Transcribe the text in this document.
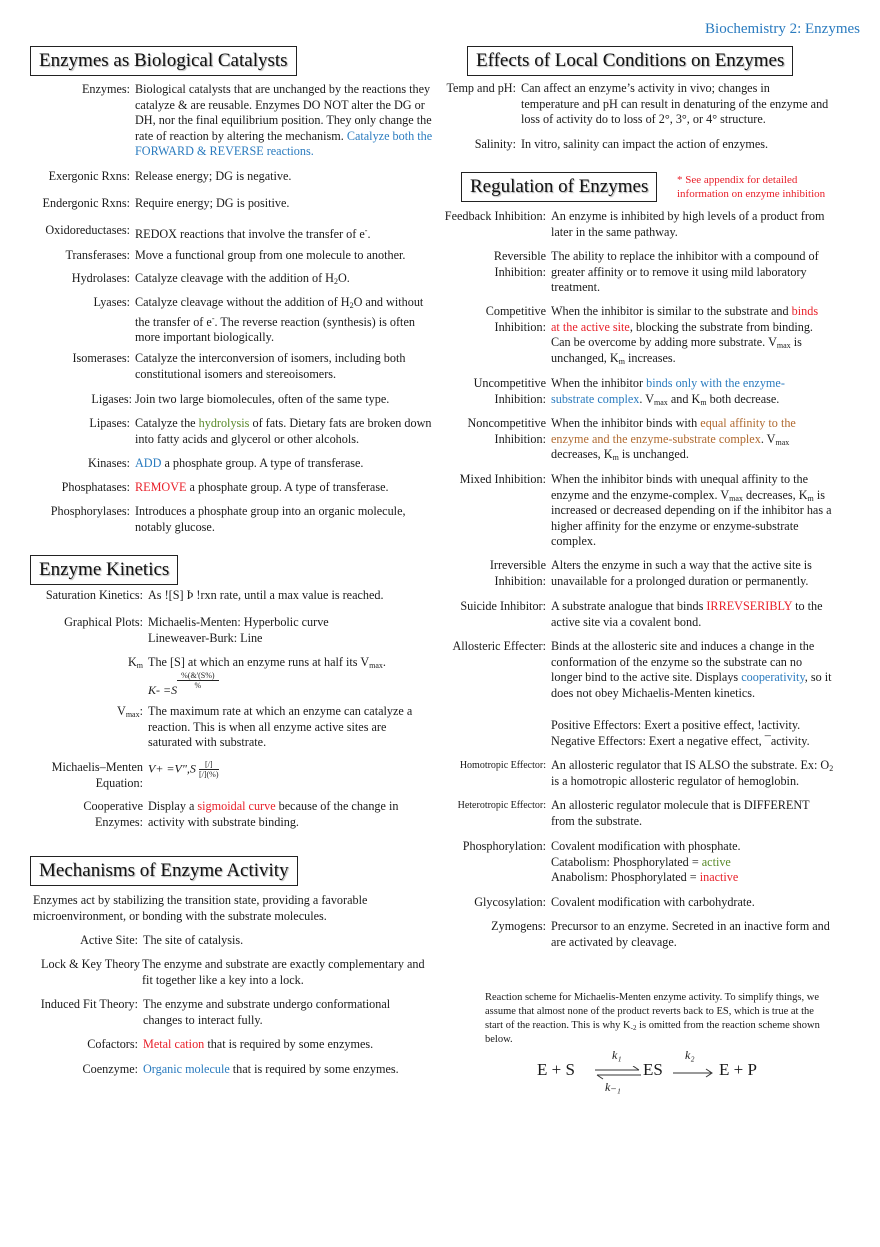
Biochemistry 2: Enzymes
Enzymes as Biological Catalysts
Enzymes: Biological catalysts that are unchanged by the reactions they catalyze & are reusable. Enzymes DO NOT alter the DG or DH, nor the final equilibrium position. They only change the rate of reaction by altering the mechanism. Catalyze both the FORWARD & REVERSE reactions.
Exergonic Rxns: Release energy; DG is negative.
Endergonic Rxns: Require energy; DG is positive.
Oxidoreductases: REDOX reactions that involve the transfer of e-.
Transferases: Move a functional group from one molecule to another.
Hydrolases: Catalyze cleavage with the addition of $H_2O$.
Lyases: Catalyze cleavage without the addition of $H_2O$ and without the transfer of e-. The reverse reaction (synthesis) is often more important biologically.
Isomerases: Catalyze the interconversion of isomers, including both constitutional isomers and stereoisomers.
Ligases: Join two large biomolecules, often of the same type.
Lipases: Catalyze the hydrolysis of fats. Dietary fats are broken down into fatty acids and glycerol or other alcohols.
Kinases: ADD a phosphate group. A type of transferase.
Phosphatases: REMOVE a phosphate group. A type of transferase.
Phosphorylases: Introduces a phosphate group into an organic molecule, notably glucose.
Enzyme Kinetics
Saturation Kinetics: As ![S] Þ !rxn rate, until a max value is reached.
Graphical Plots: Michaelis-Menten: Hyperbolic curve
Lineweaver-Burk: Line
$K_m$ The [S] at which an enzyme runs at half its $V_{max}$.
$K- =S \frac{\%(\&'(S\%)}{\%}$
$V_{max}$: The maximum rate at which an enzyme can catalyze a reaction. This is when all enzyme active sites are saturated with substrate.
Michaelis–Menten
Equation:
V+ =V",S $\frac{[/]}{[/](\%)}$
Cooperative
Enzymes:
Display a sigmoidal curve because of the change in activity with substrate binding.
Mechanisms of Enzyme Activity
Enzymes act by stabilizing the transition state, providing a favorable microenvironment, or bonding with the substrate molecules.
Active Site: The site of catalysis.
Lock & Key Theory The enzyme and substrate are exactly complementary and fit together like a key into a lock.
Induced Fit Theory: The enzyme and substrate undergo conformational changes to interact fully.
Cofactors: Metal cation that is required by some enzymes.
Coenzyme: Organic molecule that is required by some enzymes.
Effects of Local Conditions on Enzymes
Temp and pH: Can affect an enzyme’s activity in vivo; changes in temperature and pH can result in denaturing of the enzyme and loss of activity do to loss of 2°, 3°, or 4° structure.
Salinity: In vitro, salinity can impact the action of enzymes.
Regulation of Enzymes	* See appendix for detailed information on enzyme inhibition
Feedback Inhibition: An enzyme is inhibited by high levels of a product from later in the same pathway.
Reversible
Inhibition:
The ability to replace the inhibitor with a compound of greater affinity or to remove it using mild laboratory treatment.
Competitive
Inhibition:
When the inhibitor is similar to the substrate and binds at the active site, blocking the substrate from binding. Can be overcome by adding more substrate. $V_{max}$ is unchanged, $K_m$ increases.
Uncompetitive
Inhibition:
When the inhibitor binds only with the enzyme-substrate complex. $V_{max}$ and $K_m$ both decrease.
Noncompetitive
Inhibition:
When the inhibitor binds with equal affinity to the enzyme and the enzyme-substrate complex. $V_{max}$ decreases, $K_m$ is unchanged.
Mixed Inhibition: When the inhibitor binds with unequal affinity to the enzyme and the enzyme-complex. $V_{max}$ decreases, $K_m$ is increased or decreased depending on if the inhibitor has a higher affinity for the enzyme or enzyme-substrate complex.
Irreversible
Inhibition:
Alters the enzyme in such a way that the active site is unavailable for a prolonged duration or permanently.
Suicide Inhibitor: A substrate analogue that binds IRREVSERIBLY to the active site via a covalent bond.
Allosteric Effecter: Binds at the allosteric site and induces a change in the conformation of the enzyme so the substrate can no longer bind to the active site. Displays cooperativity, so it does not obey Michaelis-Menten kinetics.
Positive Effectors: Exert a positive effect, !activity.
Negative Effectors: Exert a negative effect, ¯activity.
Homotropic Effector: An allosteric regulator that IS ALSO the substrate. Ex: $O_2$ is a homotropic allosteric regulator of hemoglobin.
Heterotropic Effector: An allosteric regulator molecule that is DIFFERENT from the substrate.
Phosphorylation: Covalent modification with phosphate.
Catabolism: Phosphorylated = active
Anabolism: Phosphorylated = inactive
Glycosylation: Covalent modification with carbohydrate.
Zymogens: Precursor to an enzyme. Secreted in an inactive form and are activated by cleavage.
Reaction scheme for Michaelis-Menten enzyme activity. To simplify things, we assume that almost none of the product reverts back to ES, which is true at the start of the reaction. This is why $K_{-2}$ is omitted from the reaction scheme shown below.
E + S
k₁
k₋₁
ES
k₂
E + P
